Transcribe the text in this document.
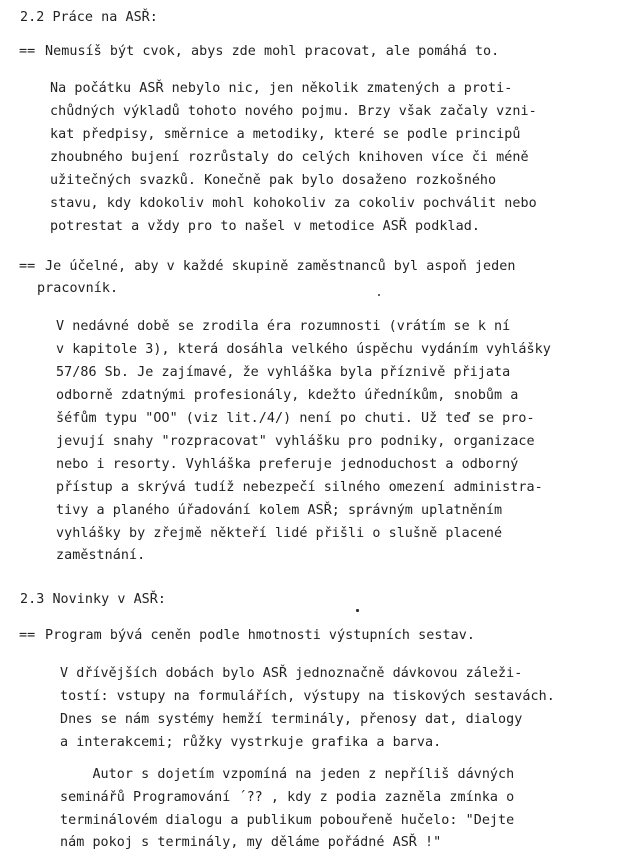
2.2 Práce na ASŘ:
== Nemusíš být cvok, abys zde mohl pracovat, ale pomáhá to.
Na počátku ASŘ nebylo nic, jen několik zmatených a proti-
chůdných výkladů tohoto nového pojmu. Brzy však začaly vzni-
kat předpisy, směrnice a metodiky, které se podle principů
zhoubného bujení rozrůstaly do celých knihoven více či méně
užitečných svazků. Konečně pak bylo dosaženo rozkošného
stavu, kdy kdokoliv mohl kohokoliv za cokoliv pochválit nebo
potrestat a vždy pro to našel v metodice ASŘ podklad.
== Je účelné, aby v každé skupině zaměstnanců byl aspoň jeden
pracovník.
V nedávné době se zrodila éra rozumnosti (vrátím se k ní
v kapitole 3), která dosáhla velkého úspěchu vydáním vyhlášky
57/86 Sb. Je zajímavé, že vyhláška byla příznivě přijata
odborně zdatnými profesionály, kdežto úředníkům, snobům a
šéfům typu "OO" (viz lit./4/) není po chuti. Už teď se pro-
jevují snahy "rozpracovat" vyhlášku pro podniky, organizace
nebo i resorty. Vyhláška preferuje jednoduchost a odborný
přístup a skrývá tudíž nebezpečí silného omezení administra-
tivy a planého úřadování kolem ASŘ; správným uplatněním
vyhlášky by zřejmě někteří lidé přišli o slušně placené
zaměstnání.
2.3 Novinky v ASŘ:
== Program bývá ceněn podle hmotnosti výstupních sestav.
V dřívějších dobách bylo ASŘ jednoznačně dávkovou záleži-
tostí: vstupy na formulářích, výstupy na tiskových sestavách.
Dnes se nám systémy hemží terminály, přenosy dat, dialogy
a interakcemi; růžky vystrkuje grafika a barva.
Autor s dojetím vzpomíná na jeden z nepříliš dávných
seminářů Programování ´?? , kdy z podia zazněla zmínka o
terminálovém dialogu a publikum pobouřeně hučelo: "Dejte
nám pokoj s terminály, my děláme pořádné ASŘ !"
